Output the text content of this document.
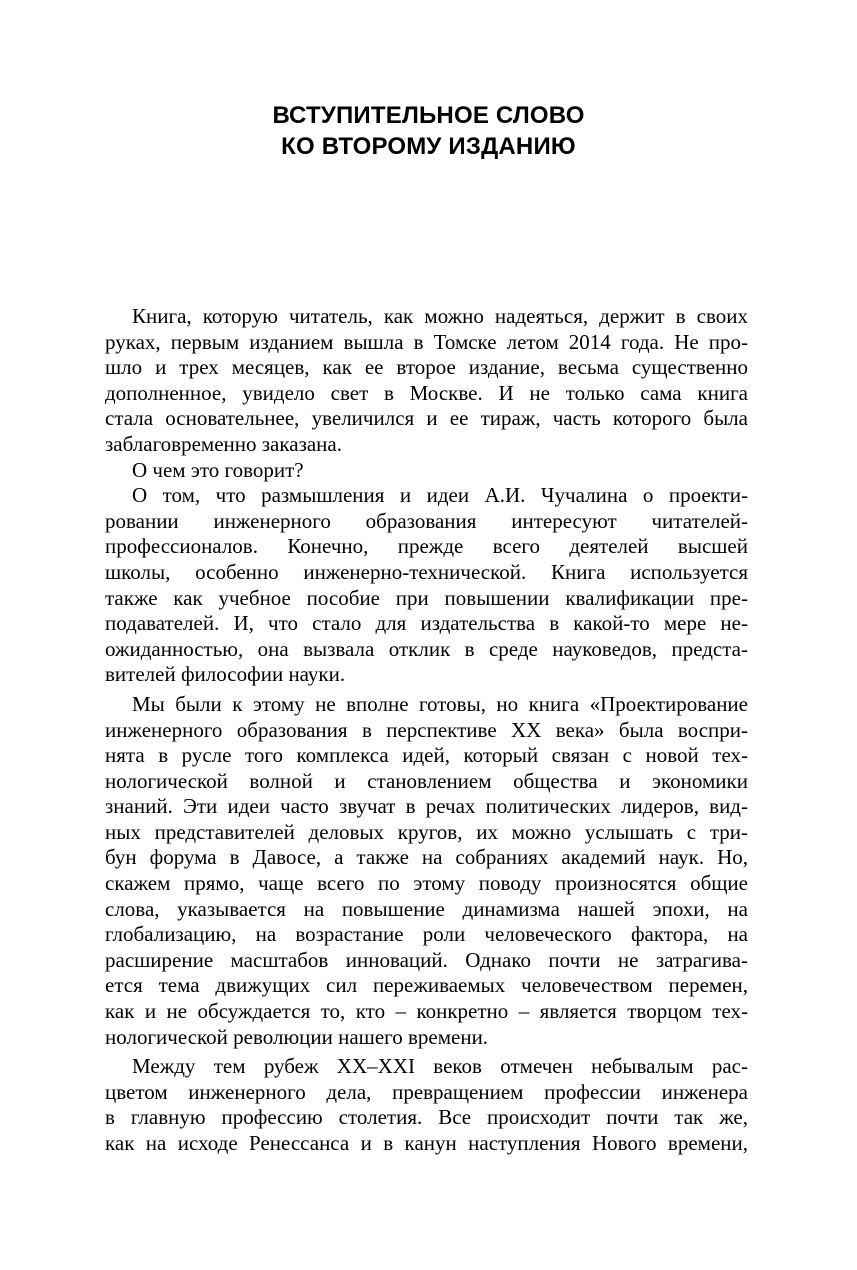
ВСТУПИТЕЛЬНОЕ СЛОВО
КО ВТОРОМУ ИЗДАНИЮ
Книга, которую читатель, как можно надеяться, держит в своих
руках, первым изданием вышла в Томске летом 2014 года. Не про-
шло и трех месяцев, как ее второе издание, весьма существенно
дополненное, увидело свет в Москве. И не только сама книга
стала основательнее, увеличился и ее тираж, часть которого была
заблаговременно заказана.
О чем это говорит?
О том, что размышления и идеи А.И. Чучалина о проекти-
ровании инженерного образования интересуют читателей-
профессионалов. Конечно, прежде всего деятелей высшей
школы, особенно инженерно-технической. Книга используется
также как учебное пособие при повышении квалификации пре-
подавателей. И, что стало для издательства в какой-то мере не-
ожиданностью, она вызвала отклик в среде науковедов, предста-
вителей философии науки.
Мы были к этому не вполне готовы, но книга «Проектирование
инженерного образования в перспективе XX века» была воспри-
нята в русле того комплекса идей, который связан с новой тех-
нологической волной и становлением общества и экономики
знаний. Эти идеи часто звучат в речах политических лидеров, вид-
ных представителей деловых кругов, их можно услышать с три-
бун форума в Давосе, а также на собраниях академий наук. Но,
скажем прямо, чаще всего по этому поводу произносятся общие
слова, указывается на повышение динамизма нашей эпохи, на
глобализацию, на возрастание роли человеческого фактора, на
расширение масштабов инноваций. Однако почти не затрагива-
ется тема движущих сил переживаемых человечеством перемен,
как и не обсуждается то, кто – конкретно – является творцом тех-
нологической революции нашего времени.
Между тем рубеж XX–XXI веков отмечен небывалым рас-
цветом инженерного дела, превращением профессии инженера
в главную профессию столетия. Все происходит почти так же,
как на исходе Ренессанса и в канун наступления Нового времени,
